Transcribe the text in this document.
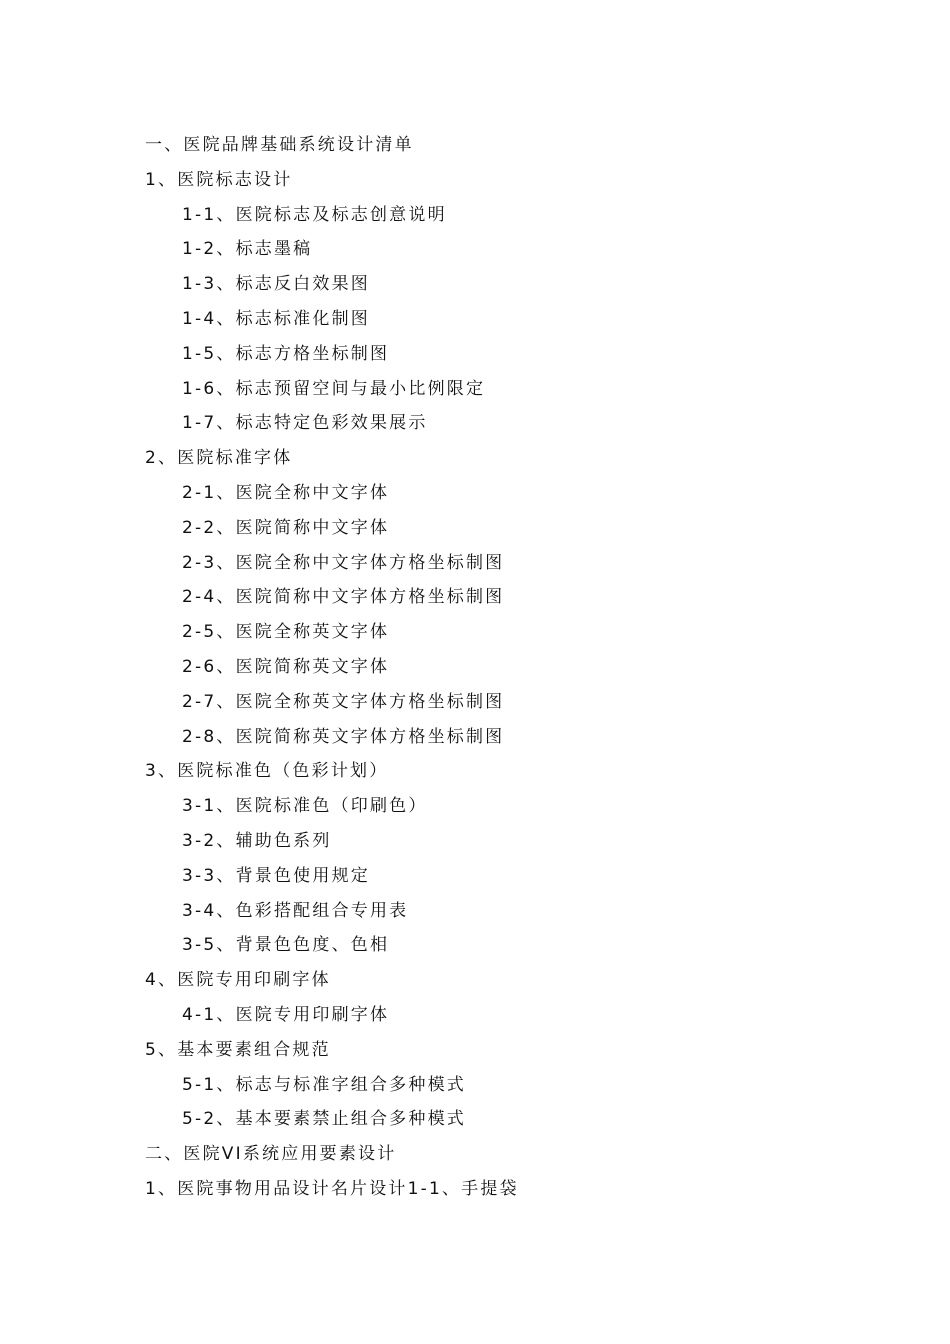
一、医院品牌基础系统设计清单
1、医院标志设计
1-1、医院标志及标志创意说明
1-2、标志墨稿
1-3、标志反白效果图
1-4、标志标准化制图
1-5、标志方格坐标制图
1-6、标志预留空间与最小比例限定
1-7、标志特定色彩效果展示
2、医院标准字体
2-1、医院全称中文字体
2-2、医院简称中文字体
2-3、医院全称中文字体方格坐标制图
2-4、医院简称中文字体方格坐标制图
2-5、医院全称英文字体
2-6、医院简称英文字体
2-7、医院全称英文字体方格坐标制图
2-8、医院简称英文字体方格坐标制图
3、医院标准色（色彩计划）
3-1、医院标准色（印刷色）
3-2、辅助色系列
3-3、背景色使用规定
3-4、色彩搭配组合专用表
3-5、背景色色度、色相
4、医院专用印刷字体
4-1、医院专用印刷字体
5、基本要素组合规范
5-1、标志与标准字组合多种模式
5-2、基本要素禁止组合多种模式
二、医院VI系统应用要素设计
1、医院事物用品设计名片设计1-1、手提袋
